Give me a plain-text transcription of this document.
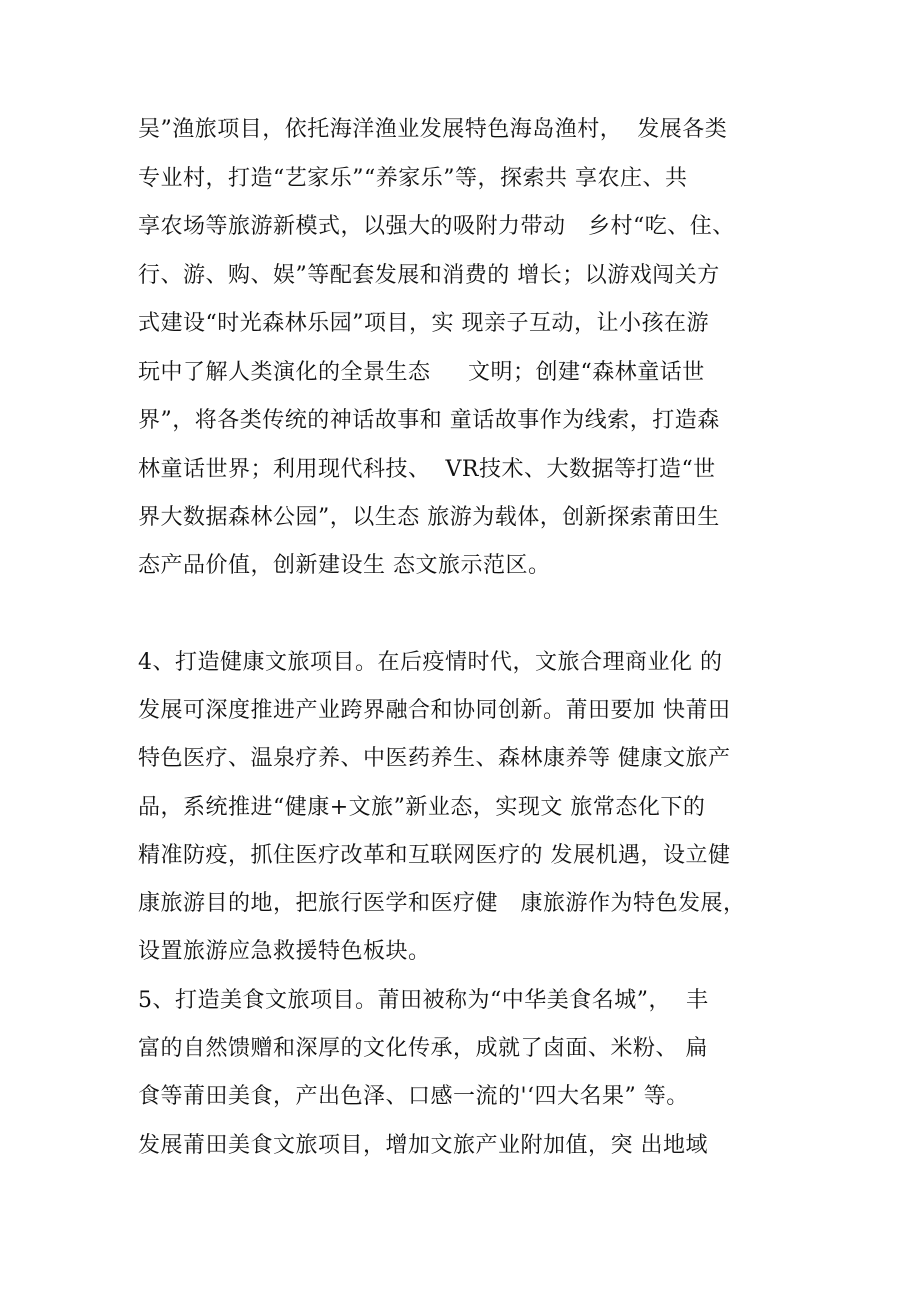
吴”渔旅项目，依托海洋渔业发展特色海岛渔村，  发展各类
专业村，打造“艺家乐”“养家乐”等，探索共 享农庄、共
享农场等旅游新模式，以强大的吸附力带动   乡村“吃、住、
行、游、购、娱”等配套发展和消费的 增长；以游戏闯关方
式建设“时光森林乐园”项目，实 现亲子互动，让小孩在游
玩中了解人类演化的全景生态     文明；创建“森林童话世
界”，将各类传统的神话故事和 童话故事作为线索，打造森
林童话世界；利用现代科技、  VR技术、大数据等打造“世
界大数据森林公园”，以生态 旅游为载体，创新探索莆田生
态产品价值，创新建设生 态文旅示范区。
4、打造健康文旅项目。在后疫情时代，文旅合理商业化 的
发展可深度推进产业跨界融合和协同创新。莆田要加 快莆田
特色医疗、温泉疗养、中医药养生、森林康养等 健康文旅产
品，系统推进“健康+文旅”新业态，实现文 旅常态化下的
精准防疫，抓住医疗改革和互联网医疗的 发展机遇，设立健
康旅游目的地，把旅行医学和医疗健   康旅游作为特色发展，
设置旅游应急救援特色板块。
5、打造美食文旅项目。莆田被称为“中华美食名城”，  丰
富的自然馈赠和深厚的文化传承，成就了卤面、米粉、 扁
食等莆田美食，产出色泽、口感一流的'‘四大名果” 等。
发展莆田美食文旅项目，增加文旅产业附加值，突 出地域
